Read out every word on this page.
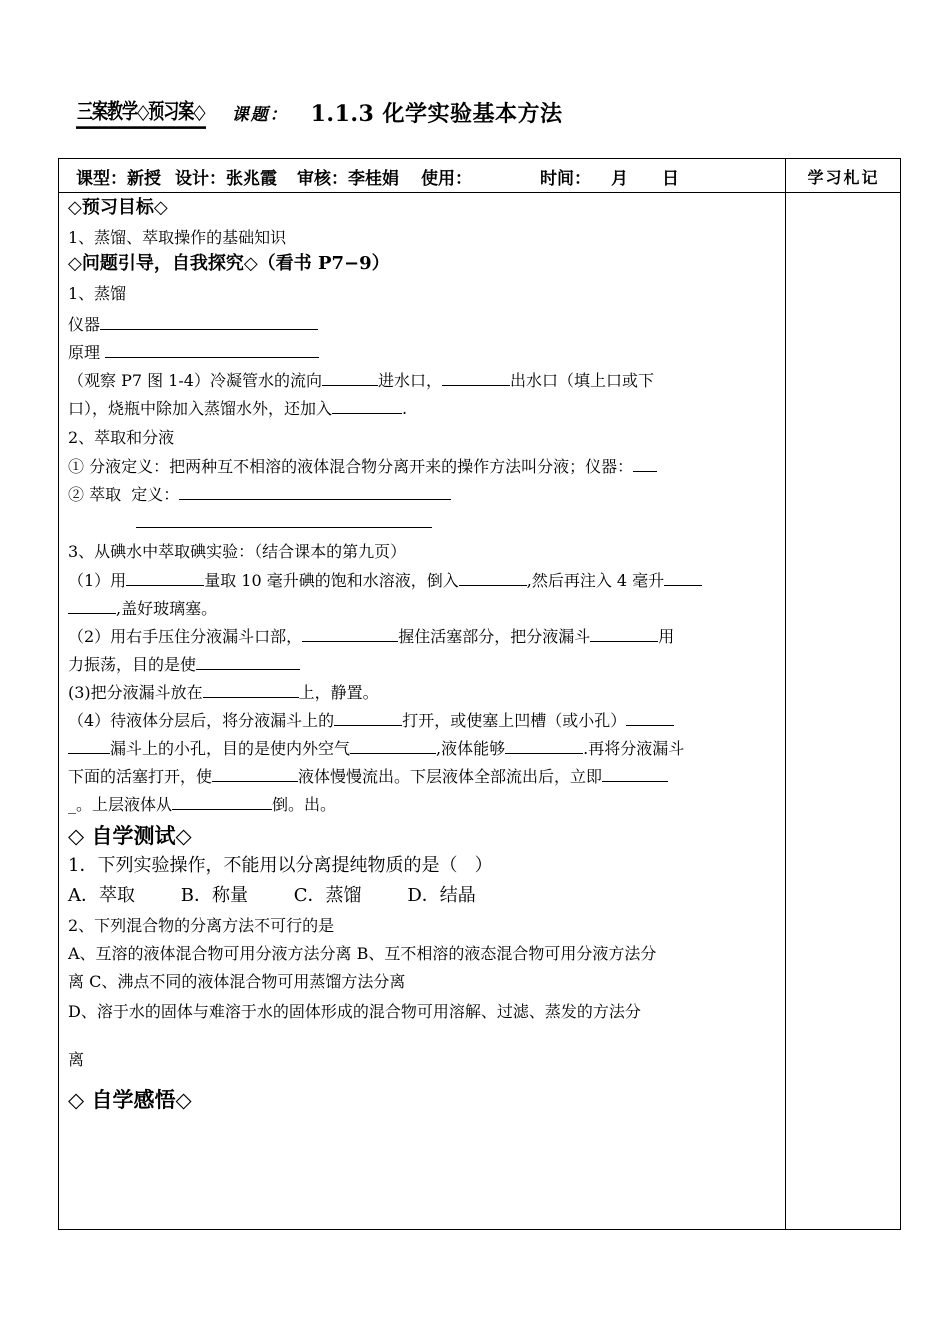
三案教学◇预习案◇ 课题： 1.1.3 化学实验基本方法
课型：新授 设计：张兆霞 审核：李桂娟 使用：	时间： 月 日	学习札记
◇预习目标◇
1、蒸馏、萃取操作的基础知识
◇问题引导，自我探究◇（看书 P7−9）
1、蒸馏
仪器
原理
（观察 P7 图 1-4）冷凝管水的流向	进水口，	出水口（填上口或下
口），烧瓶中除加入蒸馏水外，还加入	.
2、萃取和分液
① 分液定义：把两种互不相溶的液体混合物分离开来的操作方法叫分液；仪器：
② 萃取  定义：
3、从碘水中萃取碘实验：（结合课本的第九页）
（1）用	量取 10 毫升碘的饱和水溶液，倒入	,然后再注入 4 毫升
,盖好玻璃塞。
（2）用右手压住分液漏斗口部，	握住活塞部分，把分液漏斗	用
力振荡，目的是使
(3)把分液漏斗放在	上，静置。
（4）待液体分层后，将分液漏斗上的	打开，或使塞上凹槽（或小孔）
漏斗上的小孔，目的是使内外空气	,液体能够	.再将分液漏斗
下面的活塞打开，使	液体慢慢流出。下层液体全部流出后，立即
_。上层液体从	倒。出。
◇ 自学测试◇
1．下列实验操作，不能用以分离提纯物质的是（   ）
A．萃取        B．称量        C．蒸馏        D．结晶
2、下列混合物的分离方法不可行的是
A、互溶的液体混合物可用分液方法分离 B、互不相溶的液态混合物可用分液方法分
离 C、沸点不同的液体混合物可用蒸馏方法分离
D、溶于水的固体与难溶于水的固体形成的混合物可用溶解、过滤、蒸发的方法分
离
◇ 自学感悟◇
